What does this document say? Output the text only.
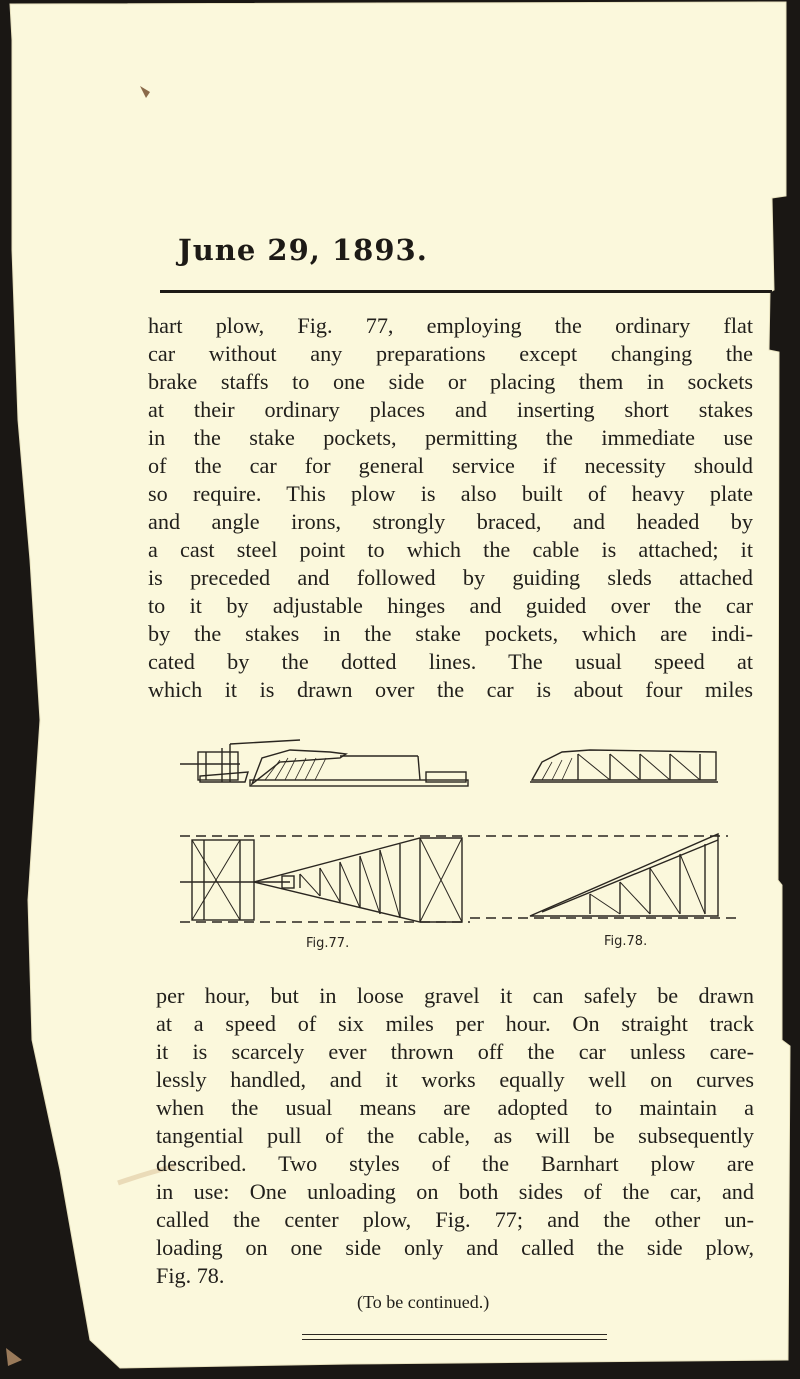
June 29, 1893.
hart plow, Fig. 77, employing the ordinary flat
car without any preparations except changing the
brake staffs to one side or placing them in sockets
at their ordinary places and inserting short stakes
in the stake pockets, permitting the immediate use
of the car for general service if necessity should
so require. This plow is also built of heavy plate
and angle irons, strongly braced, and headed by
a cast steel point to which the cable is attached; it
is preceded and followed by guiding sleds attached
to it by adjustable hinges and guided over the car
by the stakes in the stake pockets, which are indi-
cated by the dotted lines. The usual speed at
which it is drawn over the car is about four miles
Fig.77.	Fig.78.
per hour, but in loose gravel it can safely be drawn
at a speed of six miles per hour. On straight track
it is scarcely ever thrown off the car unless care-
lessly handled, and it works equally well on curves
when the usual means are adopted to maintain a
tangential pull of the cable, as will be subsequently
described. Two styles of the Barnhart plow are
in use: One unloading on both sides of the car, and
called the center plow, Fig. 77; and the other un-
loading on one side only and called the side plow,
Fig. 78.
(To be continued.)
